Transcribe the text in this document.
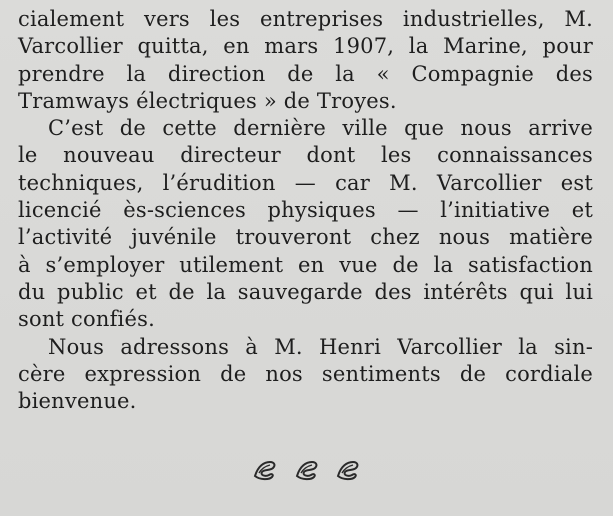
cialement vers les entreprises industrielles, M.
Varcollier quitta, en mars 1907, la Marine, pour
prendre la direction de la « Compagnie des
Tramways électriques » de Troyes.
C’est de cette dernière ville que nous arrive
le nouveau directeur dont les connaissances
techniques, l’érudition — car M. Varcollier est
licencié ès-sciences physiques — l’initiative et
l’activité juvénile trouveront chez nous matière
à s’employer utilement en vue de la satisfaction
du public et de la sauvegarde des intérêts qui lui
sont confiés.
Nous adressons à M. Henri Varcollier la sin-
cère expression de nos sentiments de cordiale
bienvenue.
